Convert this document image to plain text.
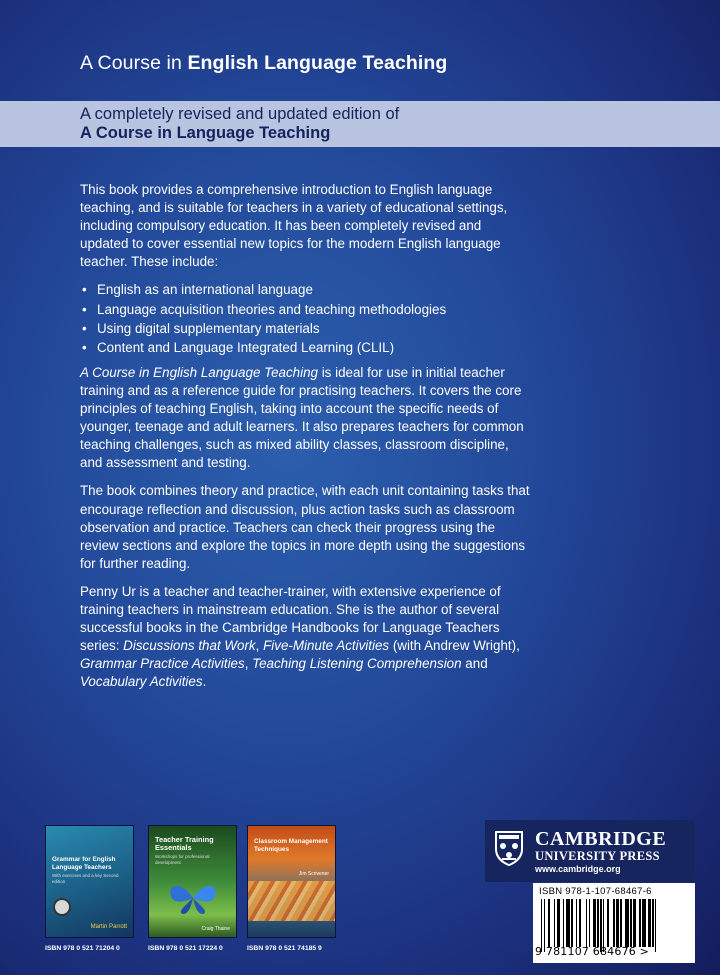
A Course in English Language Teaching
A completely revised and updated edition of
A Course in Language Teaching

This book provides a comprehensive introduction to English language teaching, and is suitable for teachers in a variety of educational settings, including compulsory education. It has been completely revised and updated to cover essential new topics for the modern English language teacher. These include:

• English as an international language
• Language acquisition theories and teaching methodologies
• Using digital supplementary materials
• Content and Language Integrated Learning (CLIL)

A Course in English Language Teaching is ideal for use in initial teacher training and as a reference guide for practising teachers. It covers the core principles of teaching English, taking into account the specific needs of younger, teenage and adult learners. It also prepares teachers for common teaching challenges, such as mixed ability classes, classroom discipline, and assessment and testing.

The book combines theory and practice, with each unit containing tasks that encourage reflection and discussion, plus action tasks such as classroom observation and practice. Teachers can check their progress using the review sections and explore the topics in more depth using the suggestions for further reading.

Penny Ur is a teacher and teacher-trainer, with extensive experience of training teachers in mainstream education. She is the author of several successful books in the Cambridge Handbooks for Language Teachers series: Discussions that Work, Five-Minute Activities (with Andrew Wright), Grammar Practice Activities, Teaching Listening Comprehension and Vocabulary Activities.

Grammar for English Language Teachers
With exercises and a key Second edition
Martin Parrott
ISBN 978 0 521 71204 0
Teacher Training Essentials
Workshops for professional development
Craig Thaine
ISBN 978 0 521 17224 0
Classroom Management Techniques
Jim Scrivener
ISBN 978 0 521 74185 9
CAMBRIDGE
UNIVERSITY PRESS
www.cambridge.org
ISBN 978-1-107-68467-6
9 781107 684676 >
